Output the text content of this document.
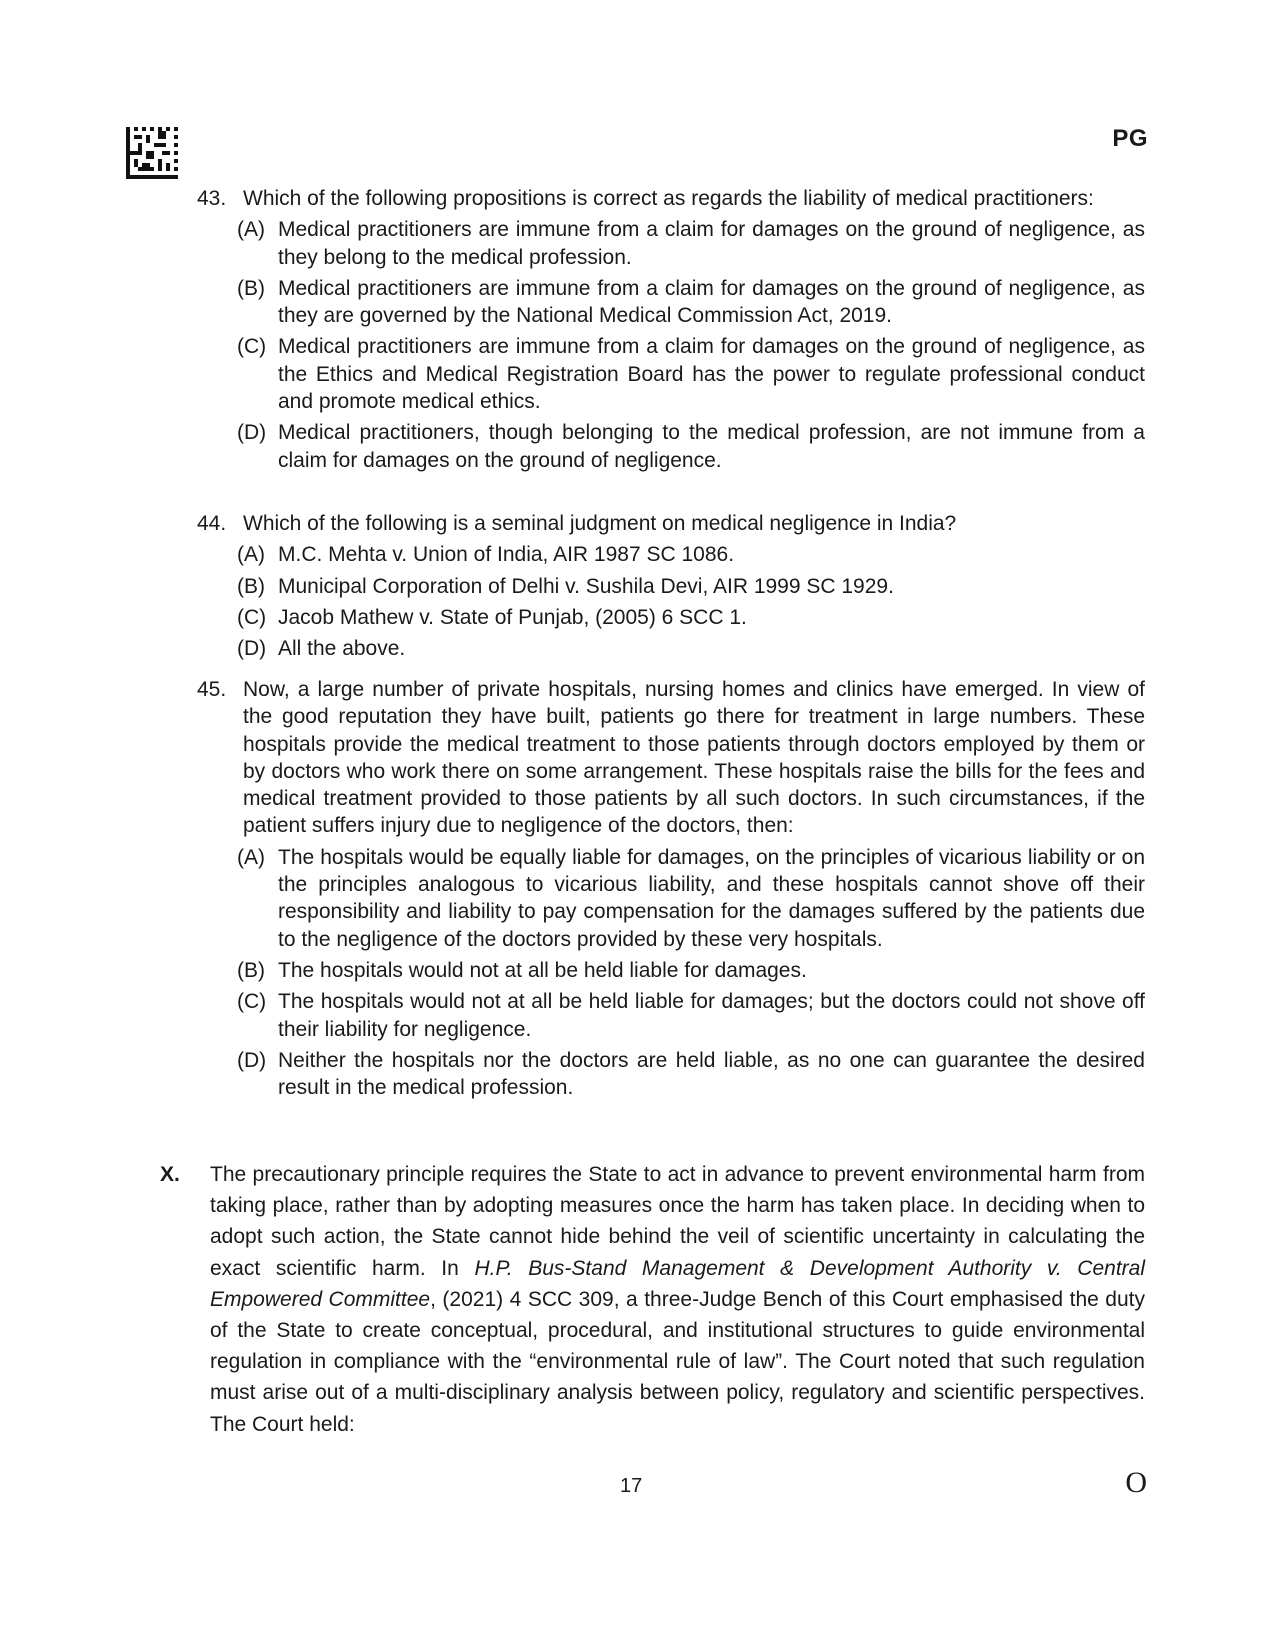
PG
43. Which of the following propositions is correct as regards the liability of medical practitioners:
(A) Medical practitioners are immune from a claim for damages on the ground of negligence, as they belong to the medical profession.
(B) Medical practitioners are immune from a claim for damages on the ground of negligence, as they are governed by the National Medical Commission Act, 2019.
(C) Medical practitioners are immune from a claim for damages on the ground of negligence, as the Ethics and Medical Registration Board has the power to regulate professional conduct and promote medical ethics.
(D) Medical practitioners, though belonging to the medical profession, are not immune from a claim for damages on the ground of negligence.
44. Which of the following is a seminal judgment on medical negligence in India?
(A) M.C. Mehta v. Union of India, AIR 1987 SC 1086.
(B) Municipal Corporation of Delhi v. Sushila Devi, AIR 1999 SC 1929.
(C) Jacob Mathew v. State of Punjab, (2005) 6 SCC 1.
(D) All the above.
45. Now, a large number of private hospitals, nursing homes and clinics have emerged. In view of the good reputation they have built, patients go there for treatment in large numbers. These hospitals provide the medical treatment to those patients through doctors employed by them or by doctors who work there on some arrangement. These hospitals raise the bills for the fees and medical treatment provided to those patients by all such doctors. In such circumstances, if the patient suffers injury due to negligence of the doctors, then:
(A) The hospitals would be equally liable for damages, on the principles of vicarious liability or on the principles analogous to vicarious liability, and these hospitals cannot shove off their responsibility and liability to pay compensation for the damages suffered by the patients due to the negligence of the doctors provided by these very hospitals.
(B) The hospitals would not at all be held liable for damages.
(C) The hospitals would not at all be held liable for damages; but the doctors could not shove off their liability for negligence.
(D) Neither the hospitals nor the doctors are held liable, as no one can guarantee the desired result in the medical profession.
X.	The precautionary principle requires the State to act in advance to prevent environmental harm from taking place, rather than by adopting measures once the harm has taken place. In deciding when to adopt such action, the State cannot hide behind the veil of scientific uncertainty in calculating the exact scientific harm. In H.P. Bus-Stand Management & Development Authority v. Central Empowered Committee, (2021) 4 SCC 309, a three-Judge Bench of this Court emphasised the duty of the State to create conceptual, procedural, and institutional structures to guide environmental regulation in compliance with the “environmental rule of law”. The Court noted that such regulation must arise out of a multi-disciplinary analysis between policy, regulatory and scientific perspectives. The Court held:
17	O
